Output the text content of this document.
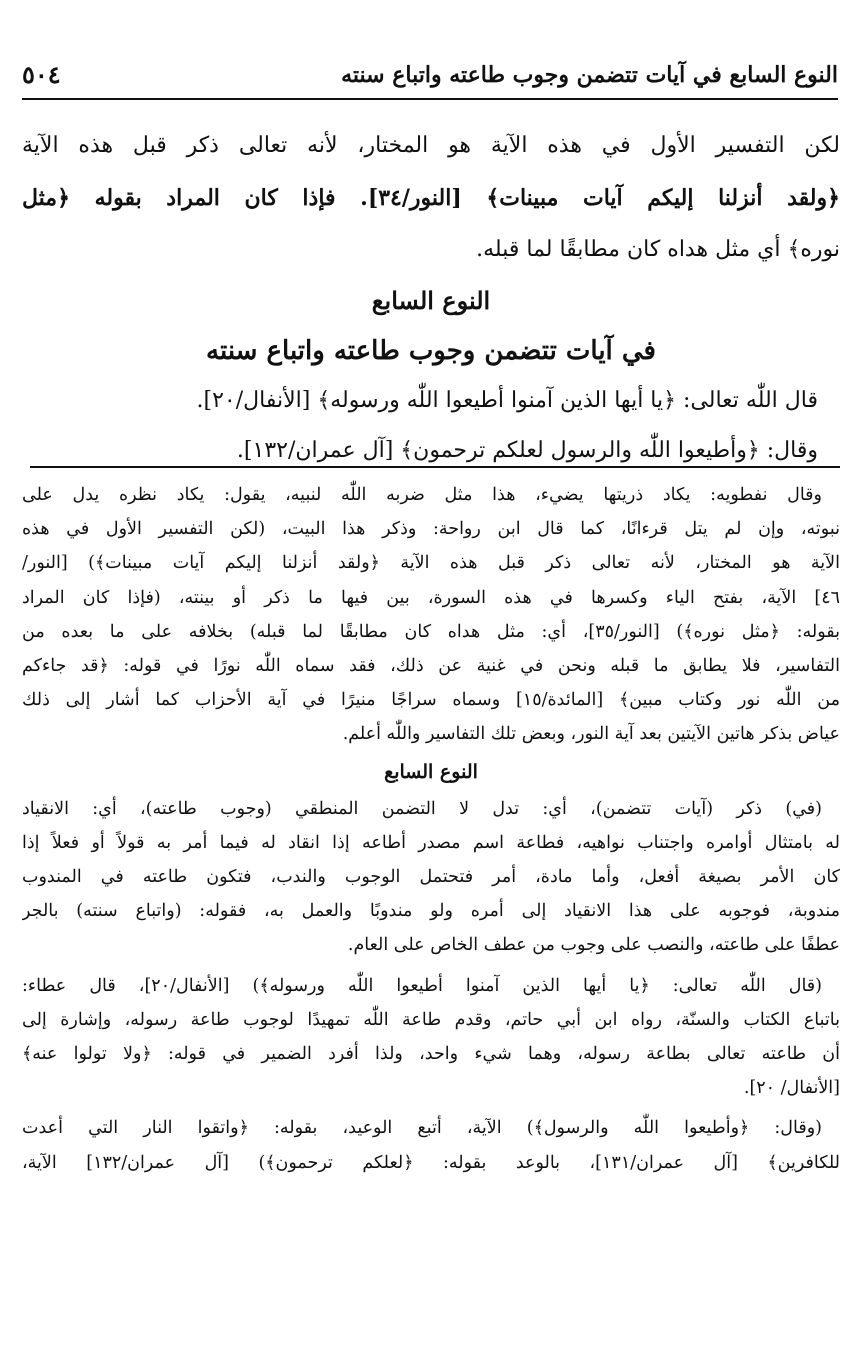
النوع السابع في آيات تتضمن وجوب طاعته واتباع سنته
٥٠٤
لكن التفسير الأول في هذه الآية هو المختار، لأنه تعالى ذكر قبل هذه الآية
﴿ولقد أنزلنا إليكم آيات مبينات﴾ [النور/٣٤]. فإذا كان المراد بقوله ﴿مثل
نوره﴾ أي مثل هداه كان مطابقًا لما قبله.
النوع السابع
في آيات تتضمن وجوب طاعته واتباع سنته
قال اللّٰه تعالى: ﴿يا أيها الذين آمنوا أطيعوا اللّٰه ورسوله﴾ [الأنفال/٢٠].
وقال: ﴿وأطيعوا اللّٰه والرسول لعلكم ترحمون﴾ [آل عمران/١٣٢].
وقال نفطويه: يكاد ذريتها يضيء، هذا مثل ضربه اللّٰه لنبيه، يقول: يكاد نظره يدل على
نبوته، وإن لم يتل قرءانًا، كما قال ابن رواحة: وذكر هذا البيت، (لكن التفسير الأول في هذه
الآية هو المختار، لأنه تعالى ذكر قبل هذه الآية ﴿ولقد أنزلنا إليكم آيات مبينات﴾) [النور/
٤٦] الآية، بفتح الياء وكسرها في هذه السورة، بين فيها ما ذكر أو بينته، (فإذا كان المراد
بقوله: ﴿مثل نوره﴾) [النور/٣٥]، أي: مثل هداه كان مطابقًا لما قبله) بخلافه على ما بعده من
التفاسير، فلا يطابق ما قبله ونحن في غنية عن ذلك، فقد سماه اللّٰه نورًا في قوله: ﴿قد جاءكم
من اللّٰه نور وكتاب مبين﴾ [المائدة/١٥] وسماه سراجًا منيرًا في آية الأحزاب كما أشار إلى ذلك
عياض بذكر هاتين الآيتين بعد آية النور، وبعض تلك التفاسير واللّٰه أعلم.
النوع السابع
(في) ذكر (آيات تتضمن)، أي: تدل لا التضمن المنطقي (وجوب طاعته)، أي: الانقياد
له بامتثال أوامره واجتناب نواهيه، فطاعة اسم مصدر أطاعه إذا انقاد له فيما أمر به قولاً أو فعلاً إذا
كان الأمر بصيغة أفعل، وأما مادة، أمر فتحتمل الوجوب والندب، فتكون طاعته في المندوب
مندوبة، فوجوبه على هذا الانقياد إلى أمره ولو مندوبًا والعمل به، فقوله: (واتباع سنته) بالجر
عطفًا على طاعته، والنصب على وجوب من عطف الخاص على العام.
(قال اللّٰه تعالى: ﴿يا أيها الذين آمنوا أطيعوا اللّٰه ورسوله﴾) [الأنفال/٢٠]، قال عطاء:
باتباع الكتاب والسنّة، رواه ابن أبي حاتم، وقدم طاعة اللّٰه تمهيدًا لوجوب طاعة رسوله، وإشارة إلى
أن طاعته تعالى بطاعة رسوله، وهما شيء واحد، ولذا أفرد الضمير في قوله: ﴿ولا تولوا عنه﴾
[الأنفال/ ٢٠].
(وقال: ﴿وأطيعوا اللّٰه والرسول﴾) الآية، أتبع الوعيد، بقوله: ﴿واتقوا النار التي أعدت
للكافرين﴾ [آل عمران/١٣١]، بالوعد بقوله: ﴿لعلكم ترحمون﴾) [آل عمران/١٣٢] الآية،
